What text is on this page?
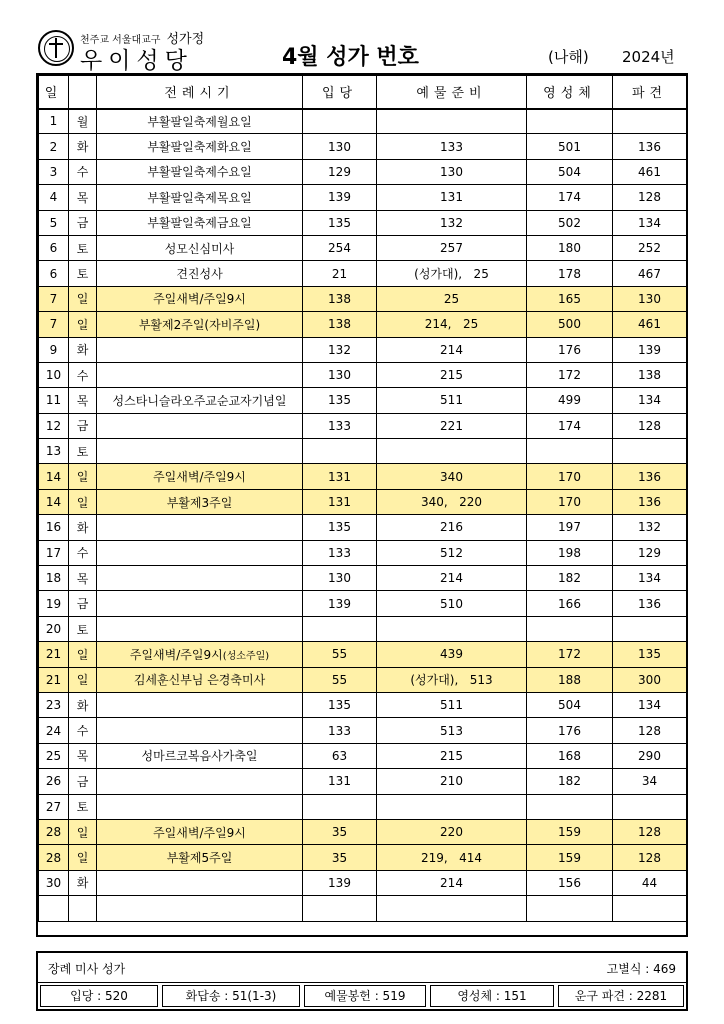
천주교 서울대교구 성가정
우이성당	4월 성가 번호	(나해) 2024년
일		전례시기	입당	예물준비	영성체	파견
1	월	부활팔일축제월요일				
2	화	부활팔일축제화요일	130	133	501	136
3	수	부활팔일축제수요일	129	130	504	461
4	목	부활팔일축제목요일	139	131	174	128
5	금	부활팔일축제금요일	135	132	502	134
6	토	성모신심미사	254	257	180	252
6	토	견진성사	21	(성가대),   25	178	467
7	일	주일새벽/주일9시	138	25	165	130
7	일	부활제2주일(자비주일)	138	214,   25	500	461
9	화		132	214	176	139
10	수		130	215	172	138
11	목	성스타니슬라오주교순교자기념일	135	511	499	134
12	금		133	221	174	128
13	토					
14	일	주일새벽/주일9시	131	340	170	136
14	일	부활제3주일	131	340,   220	170	136
16	화		135	216	197	132
17	수		133	512	198	129
18	목		130	214	182	134
19	금		139	510	166	136
20	토					
21	일	주일새벽/주일9시(성소주일)	55	439	172	135
21	일	김세훈신부님 은경축미사	55	(성가대),   513	188	300
23	화		135	511	504	134
24	수		133	513	176	128
25	목	성마르코복음사가축일	63	215	168	290
26	금		131	210	182	34
27	토					
28	일	주일새벽/주일9시	35	220	159	128
28	일	부활제5주일	35	219,   414	159	128
30	화		139	214	156	44

장례 미사 성가	고별식 : 469
입당 : 520	화답송 : 51(1-3)	예물봉헌 : 519	영성체 : 151	운구 파견 : 2281
